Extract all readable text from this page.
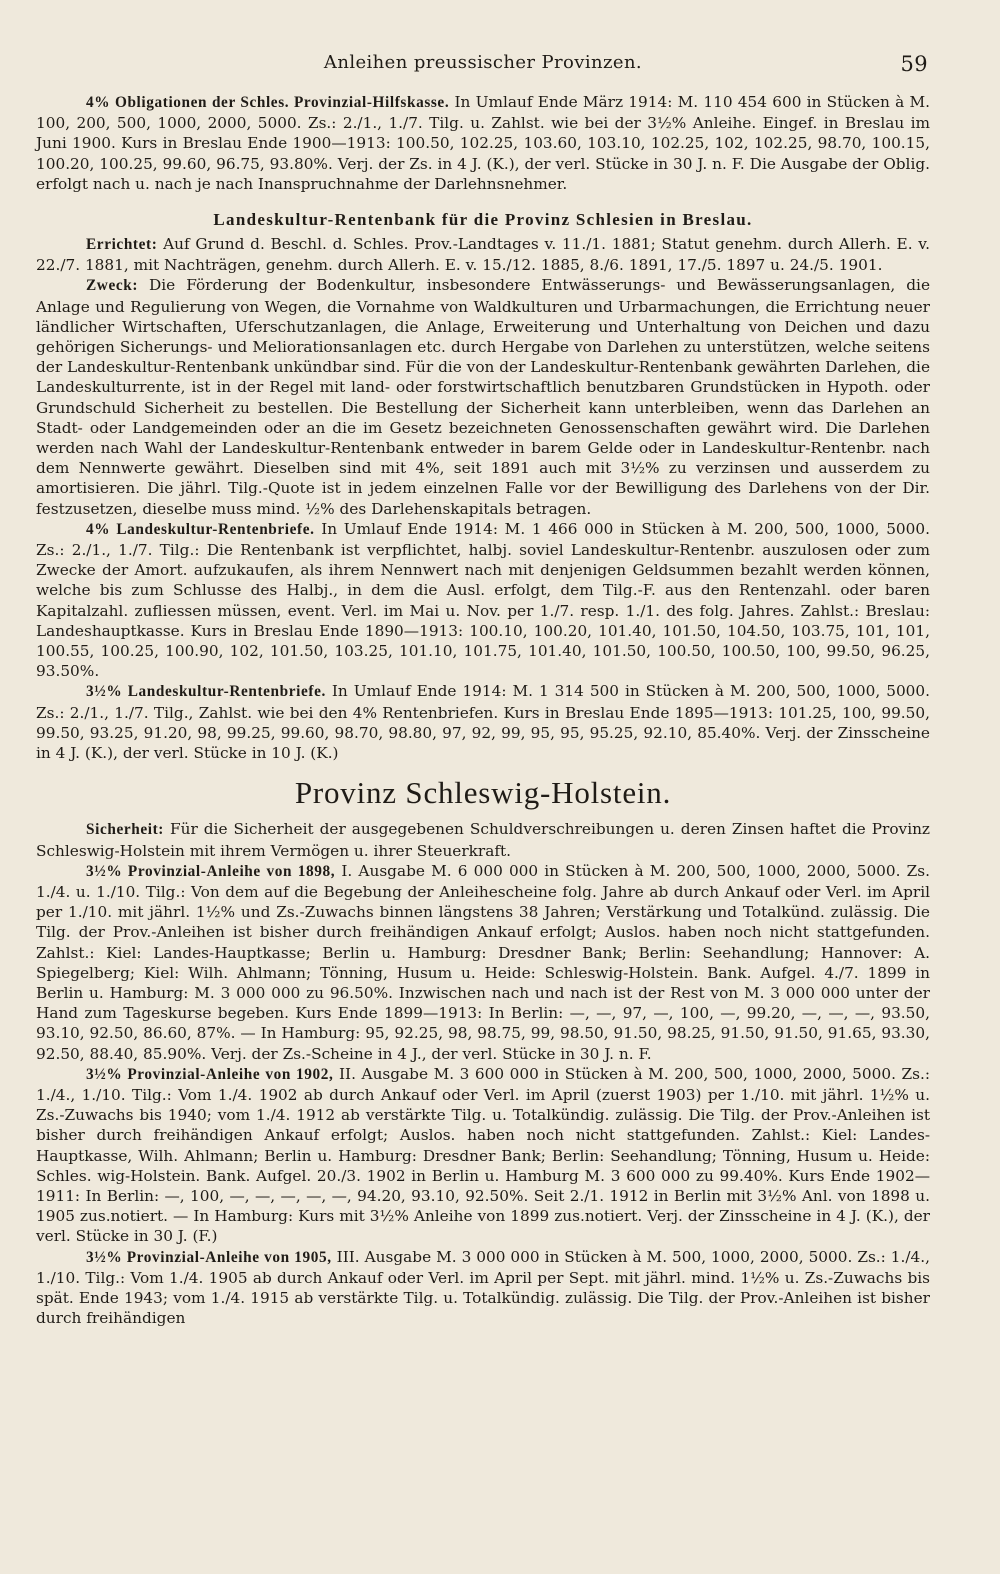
Anleihen preussischer Provinzen.	59

4% Obligationen der Schles. Provinzial-Hilfskasse. In Umlauf Ende März 1914: M. 110 454 600 in Stücken à M. 100, 200, 500, 1000, 2000, 5000. Zs.: 2./1., 1./7. Tilg. u. Zahlst. wie bei der 3½% Anleihe. Eingef. in Breslau im Juni 1900. Kurs in Breslau Ende 1900—1913: 100.50, 102.25, 103.60, 103.10, 102.25, 102, 102.25, 98.70, 100.15, 100.20, 100.25, 99.60, 96.75, 93.80%. Verj. der Zs. in 4 J. (K.), der verl. Stücke in 30 J. n. F. Die Ausgabe der Oblig. erfolgt nach u. nach je nach Inanspruchnahme der Darlehnsnehmer.

Landeskultur-Rentenbank für die Provinz Schlesien in Breslau.

Errichtet: Auf Grund d. Beschl. d. Schles. Prov.-Landtages v. 11./1. 1881; Statut genehm. durch Allerh. E. v. 22./7. 1881, mit Nachträgen, genehm. durch Allerh. E. v. 15./12. 1885, 8./6. 1891, 17./5. 1897 u. 24./5. 1901.

Zweck: Die Förderung der Bodenkultur, insbesondere Entwässerungs- und Bewässerungsanlagen, die Anlage und Regulierung von Wegen, die Vornahme von Waldkulturen und Urbarmachungen, die Errichtung neuer ländlicher Wirtschaften, Uferschutzanlagen, die Anlage, Erweiterung und Unterhaltung von Deichen und dazu gehörigen Sicherungs- und Meliorationsanlagen etc. durch Hergabe von Darlehen zu unterstützen, welche seitens der Landeskultur-Rentenbank unkündbar sind. Für die von der Landeskultur-Rentenbank gewährten Darlehen, die Landeskulturrente, ist in der Regel mit land- oder forstwirtschaftlich benutzbaren Grundstücken in Hypoth. oder Grundschuld Sicherheit zu bestellen. Die Bestellung der Sicherheit kann unterbleiben, wenn das Darlehen an Stadt- oder Landgemeinden oder an die im Gesetz bezeichneten Genossenschaften gewährt wird. Die Darlehen werden nach Wahl der Landeskultur-Rentenbank entweder in barem Gelde oder in Landeskultur-Rentenbr. nach dem Nennwerte gewährt. Dieselben sind mit 4%, seit 1891 auch mit 3½% zu verzinsen und ausserdem zu amortisieren. Die jährl. Tilg.-Quote ist in jedem einzelnen Falle vor der Bewilligung des Darlehens von der Dir. festzusetzen, dieselbe muss mind. ½% des Darlehenskapitals betragen.

4% Landeskultur-Rentenbriefe. In Umlauf Ende 1914: M. 1 466 000 in Stücken à M. 200, 500, 1000, 5000. Zs.: 2./1., 1./7. Tilg.: Die Rentenbank ist verpflichtet, halbj. soviel Landeskultur-Rentenbr. auszulosen oder zum Zwecke der Amort. aufzukaufen, als ihrem Nennwert nach mit denjenigen Geldsummen bezahlt werden können, welche bis zum Schlusse des Halbj., in dem die Ausl. erfolgt, dem Tilg.-F. aus den Rentenzahl. oder baren Kapitalzahl. zufliessen müssen, event. Verl. im Mai u. Nov. per 1./7. resp. 1./1. des folg. Jahres. Zahlst.: Breslau: Landeshauptkasse. Kurs in Breslau Ende 1890—1913: 100.10, 100.20, 101.40, 101.50, 104.50, 103.75, 101, 101, 100.55, 100.25, 100.90, 102, 101.50, 103.25, 101.10, 101.75, 101.40, 101.50, 100.50, 100.50, 100, 99.50, 96.25, 93.50%.

3½% Landeskultur-Rentenbriefe. In Umlauf Ende 1914: M. 1 314 500 in Stücken à M. 200, 500, 1000, 5000. Zs.: 2./1., 1./7. Tilg., Zahlst. wie bei den 4% Rentenbriefen. Kurs in Breslau Ende 1895—1913: 101.25, 100, 99.50, 99.50, 93.25, 91.20, 98, 99.25, 99.60, 98.70, 98.80, 97, 92, 99, 95, 95, 95.25, 92.10, 85.40%. Verj. der Zinsscheine in 4 J. (K.), der verl. Stücke in 10 J. (K.)

Provinz Schleswig-Holstein.

Sicherheit: Für die Sicherheit der ausgegebenen Schuldverschreibungen u. deren Zinsen haftet die Provinz Schleswig-Holstein mit ihrem Vermögen u. ihrer Steuerkraft.

3½% Provinzial-Anleihe von 1898, I. Ausgabe M. 6 000 000 in Stücken à M. 200, 500, 1000, 2000, 5000. Zs. 1./4. u. 1./10. Tilg.: Von dem auf die Begebung der Anleihescheine folg. Jahre ab durch Ankauf oder Verl. im April per 1./10. mit jährl. 1½% und Zs.-Zuwachs binnen längstens 38 Jahren; Verstärkung und Totalkünd. zulässig. Die Tilg. der Prov.-Anleihen ist bisher durch freihändigen Ankauf erfolgt; Auslos. haben noch nicht stattgefunden. Zahlst.: Kiel: Landes-Hauptkasse; Berlin u. Hamburg: Dresdner Bank; Berlin: Seehandlung; Hannover: A. Spiegelberg; Kiel: Wilh. Ahlmann; Tönning, Husum u. Heide: Schleswig-Holstein. Bank. Aufgel. 4./7. 1899 in Berlin u. Hamburg: M. 3 000 000 zu 96.50%. Inzwischen nach und nach ist der Rest von M. 3 000 000 unter der Hand zum Tageskurse begeben. Kurs Ende 1899—1913: In Berlin: —, —, 97, —, 100, —, 99.20, —, —, —, 93.50, 93.10, 92.50, 86.60, 87%. — In Hamburg: 95, 92.25, 98, 98.75, 99, 98.50, 91.50, 98.25, 91.50, 91.50, 91.65, 93.30, 92.50, 88.40, 85.90%. Verj. der Zs.-Scheine in 4 J., der verl. Stücke in 30 J. n. F.

3½% Provinzial-Anleihe von 1902, II. Ausgabe M. 3 600 000 in Stücken à M. 200, 500, 1000, 2000, 5000. Zs.: 1./4., 1./10. Tilg.: Vom 1./4. 1902 ab durch Ankauf oder Verl. im April (zuerst 1903) per 1./10. mit jährl. 1½% u. Zs.-Zuwachs bis 1940; vom 1./4. 1912 ab verstärkte Tilg. u. Totalkündig. zulässig. Die Tilg. der Prov.-Anleihen ist bisher durch freihändigen Ankauf erfolgt; Auslos. haben noch nicht stattgefunden. Zahlst.: Kiel: Landes-Hauptkasse, Wilh. Ahlmann; Berlin u. Hamburg: Dresdner Bank; Berlin: Seehandlung; Tönning, Husum u. Heide: Schles. wig-Holstein. Bank. Aufgel. 20./3. 1902 in Berlin u. Hamburg M. 3 600 000 zu 99.40%. Kurs Ende 1902—1911: In Berlin: —, 100, —, —, —, —, —, 94.20, 93.10, 92.50%. Seit 2./1. 1912 in Berlin mit 3½% Anl. von 1898 u. 1905 zus.notiert. — In Hamburg: Kurs mit 3½% Anleihe von 1899 zus.notiert. Verj. der Zinsscheine in 4 J. (K.), der verl. Stücke in 30 J. (F.)

3½% Provinzial-Anleihe von 1905, III. Ausgabe M. 3 000 000 in Stücken à M. 500, 1000, 2000, 5000. Zs.: 1./4., 1./10. Tilg.: Vom 1./4. 1905 ab durch Ankauf oder Verl. im April per Sept. mit jährl. mind. 1½% u. Zs.-Zuwachs bis spät. Ende 1943; vom 1./4. 1915 ab verstärkte Tilg. u. Totalkündig. zulässig. Die Tilg. der Prov.-Anleihen ist bisher durch freihändigen
